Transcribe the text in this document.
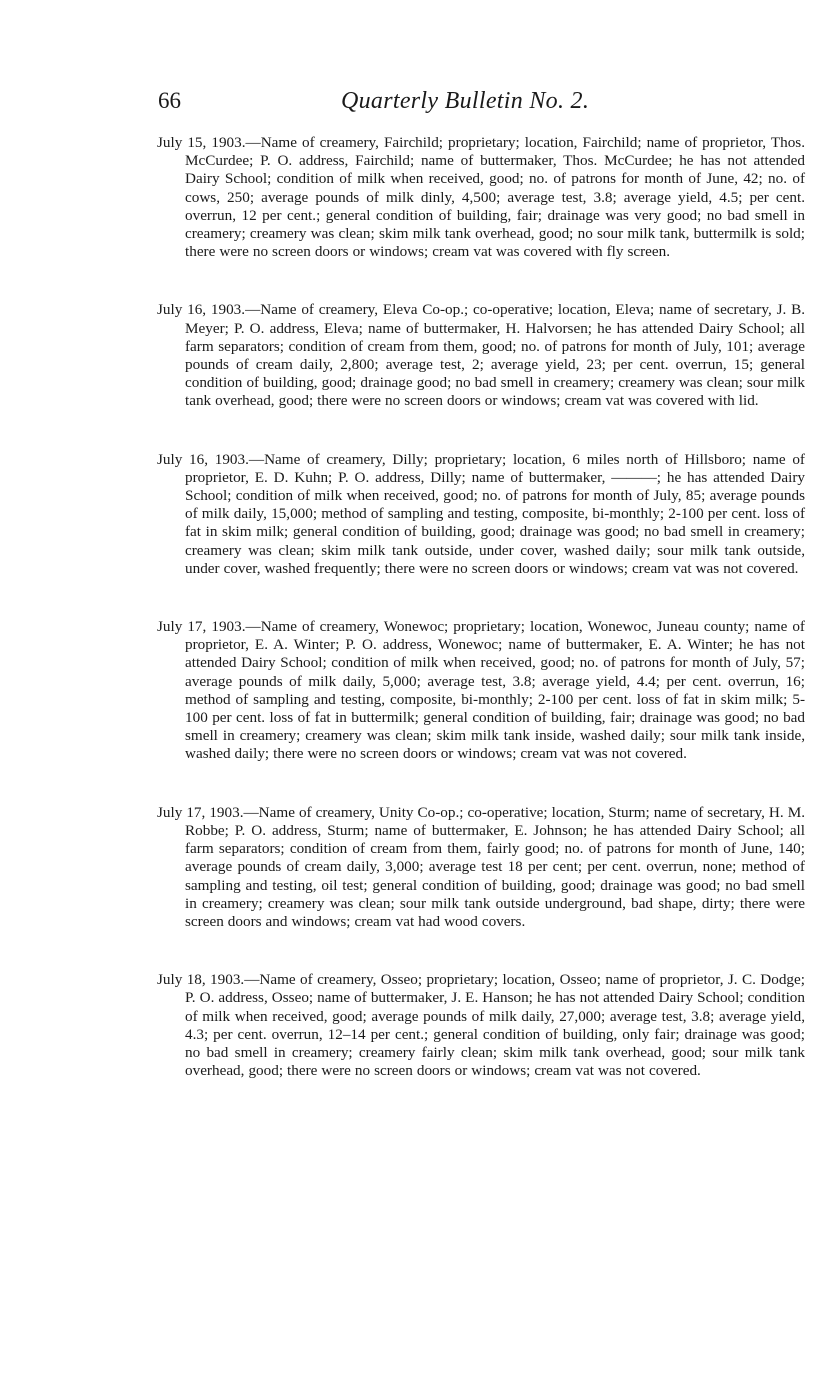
66	Quarterly Bulletin No. 2.

July 15, 1903.—Name of creamery, Fairchild; proprietary; location, Fairchild; name of proprietor, Thos. McCurdee; P. O. address, Fairchild; name of buttermaker, Thos. McCurdee; he has not attended Dairy School; condition of milk when received, good; no. of patrons for month of June, 42; no. of cows, 250; average pounds of milk dinly, 4,500; average test, 3.8; average yield, 4.5; per cent. overrun, 12 per cent.; general condition of building, fair; drainage was very good; no bad smell in creamery; creamery was clean; skim milk tank overhead, good; no sour milk tank, buttermilk is sold; there were no screen doors or windows; cream vat was covered with fly screen.

July 16, 1903.—Name of creamery, Eleva Co-op.; co-operative; location, Eleva; name of secretary, J. B. Meyer; P. O. address, Eleva; name of buttermaker, H. Halvorsen; he has attended Dairy School; all farm separators; condition of cream from them, good; no. of patrons for month of July, 101; average pounds of cream daily, 2,800; average test, 2; average yield, 23; per cent. overrun, 15; general condition of building, good; drainage good; no bad smell in creamery; creamery was clean; sour milk tank overhead, good; there were no screen doors or windows; cream vat was covered with lid.

July 16, 1903.—Name of creamery, Dilly; proprietary; location, 6 miles north of Hillsboro; name of proprietor, E. D. Kuhn; P. O. address, Dilly; name of buttermaker, ———; he has attended Dairy School; condition of milk when received, good; no. of patrons for month of July, 85; average pounds of milk daily, 15,000; method of sampling and testing, composite, bi-monthly; 2-100 per cent. loss of fat in skim milk; general condition of building, good; drainage was good; no bad smell in creamery; creamery was clean; skim milk tank outside, under cover, washed daily; sour milk tank outside, under cover, washed frequently; there were no screen doors or windows; cream vat was not covered.

July 17, 1903.—Name of creamery, Wonewoc; proprietary; location, Wonewoc, Juneau county; name of proprietor, E. A. Winter; P. O. address, Wonewoc; name of buttermaker, E. A. Winter; he has not attended Dairy School; condition of milk when received, good; no. of patrons for month of July, 57; average pounds of milk daily, 5,000; average test, 3.8; average yield, 4.4; per cent. overrun, 16; method of sampling and testing, composite, bi-monthly; 2-100 per cent. loss of fat in skim milk; 5-100 per cent. loss of fat in buttermilk; general condition of building, fair; drainage was good; no bad smell in creamery; creamery was clean; skim milk tank inside, washed daily; sour milk tank inside, washed daily; there were no screen doors or windows; cream vat was not covered.

July 17, 1903.—Name of creamery, Unity Co-op.; co-operative; location, Sturm; name of secretary, H. M. Robbe; P. O. address, Sturm; name of buttermaker, E. Johnson; he has attended Dairy School; all farm separators; condition of cream from them, fairly good; no. of patrons for month of June, 140; average pounds of cream daily, 3,000; average test 18 per cent; per cent. overrun, none; method of sampling and testing, oil test; general condition of building, good; drainage was good; no bad smell in creamery; creamery was clean; sour milk tank outside underground, bad shape, dirty; there were screen doors and windows; cream vat had wood covers.

July 18, 1903.—Name of creamery, Osseo; proprietary; location, Osseo; name of proprietor, J. C. Dodge; P. O. address, Osseo; name of buttermaker, J. E. Hanson; he has not attended Dairy School; condition of milk when received, good; average pounds of milk daily, 27,000; average test, 3.8; average yield, 4.3; per cent. overrun, 12–14 per cent.; general condition of building, only fair; drainage was good; no bad smell in creamery; creamery fairly clean; skim milk tank overhead, good; sour milk tank overhead, good; there were no screen doors or windows; cream vat was not covered.
